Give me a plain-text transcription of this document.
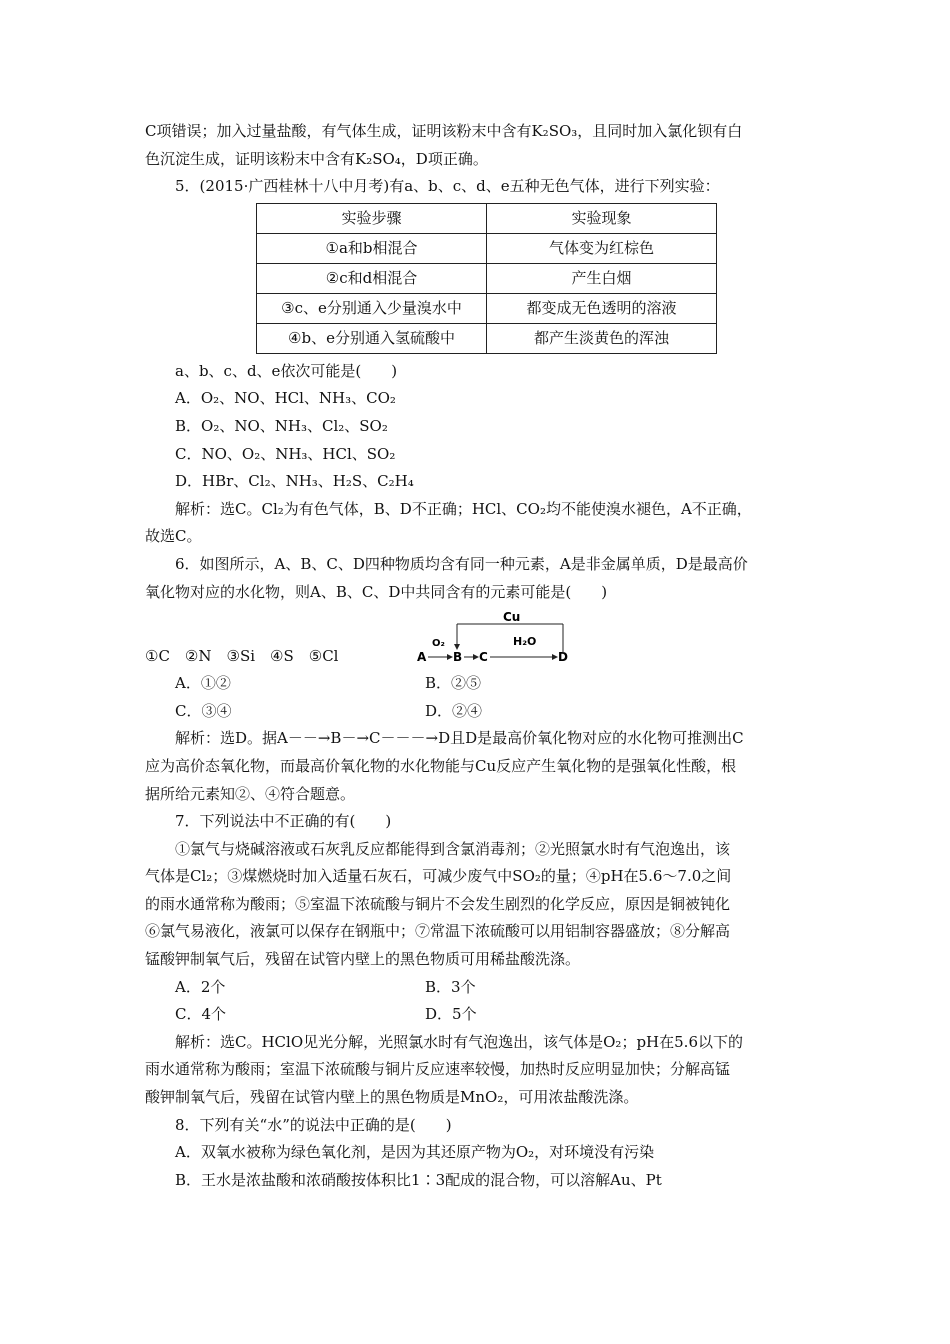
C项错误；加入过量盐酸，有气体生成，证明该粉末中含有K₂SO₃，且同时加入氯化钡有白

色沉淀生成，证明该粉末中含有K₂SO₄，D项正确。

5．(2015·广西桂林十八中月考)有a、b、c、d、e五种无色气体，进行下列实验：

实验步骤	实验现象
①a和b相混合	气体变为红棕色
②c和d相混合	产生白烟
③c、e分别通入少量溴水中	都变成无色透明的溶液
④b、e分别通入氢硫酸中	都产生淡黄色的浑浊

a、b、c、d、e依次可能是(　　)

A．O₂、NO、HCl、NH₃、CO₂

B．O₂、NO、NH₃、Cl₂、SO₂

C．NO、O₂、NH₃、HCl、SO₂

D．HBr、Cl₂、NH₃、H₂S、C₂H₄

解析：选C。Cl₂为有色气体，B、D不正确；HCl、CO₂均不能使溴水褪色，A不正确，

故选C。

6．如图所示，A、B、C、D四种物质均含有同一种元素，A是非金属单质，D是最高价

氧化物对应的水化物，则A、B、C、D中共同含有的元素可能是(　　)

Cu
O₂	H₂O
A B C	D
①C　②N　③Si　④S　⑤Cl
A．①②	B．②⑤
C．③④	D．②④

解析：选D。据A－－→B－→C－－－→D且D是最高价氧化物对应的水化物可推测出C

应为高价态氧化物，而最高价氧化物的水化物能与Cu反应产生氧化物的是强氧化性酸，根

据所给元素知②、④符合题意。

7．下列说法中不正确的有(　　)

①氯气与烧碱溶液或石灰乳反应都能得到含氯消毒剂；②光照氯水时有气泡逸出，该

气体是Cl₂；③煤燃烧时加入适量石灰石，可减少废气中SO₂的量；④pH在5.6～7.0之间

的雨水通常称为酸雨；⑤室温下浓硫酸与铜片不会发生剧烈的化学反应，原因是铜被钝化

⑥氯气易液化，液氯可以保存在钢瓶中；⑦常温下浓硫酸可以用铝制容器盛放；⑧分解高

锰酸钾制氧气后，残留在试管内壁上的黑色物质可用稀盐酸洗涤。

A．2个	B．3个
C．4个	D．5个

解析：选C。HClO见光分解，光照氯水时有气泡逸出，该气体是O₂；pH在5.6以下的

雨水通常称为酸雨；室温下浓硫酸与铜片反应速率较慢，加热时反应明显加快；分解高锰

酸钾制氧气后，残留在试管内壁上的黑色物质是MnO₂，可用浓盐酸洗涤。

8．下列有关“水”的说法中正确的是(　　)

A．双氧水被称为绿色氧化剂，是因为其还原产物为O₂，对环境没有污染

B．王水是浓盐酸和浓硝酸按体积比1∶3配成的混合物，可以溶解Au、Pt
